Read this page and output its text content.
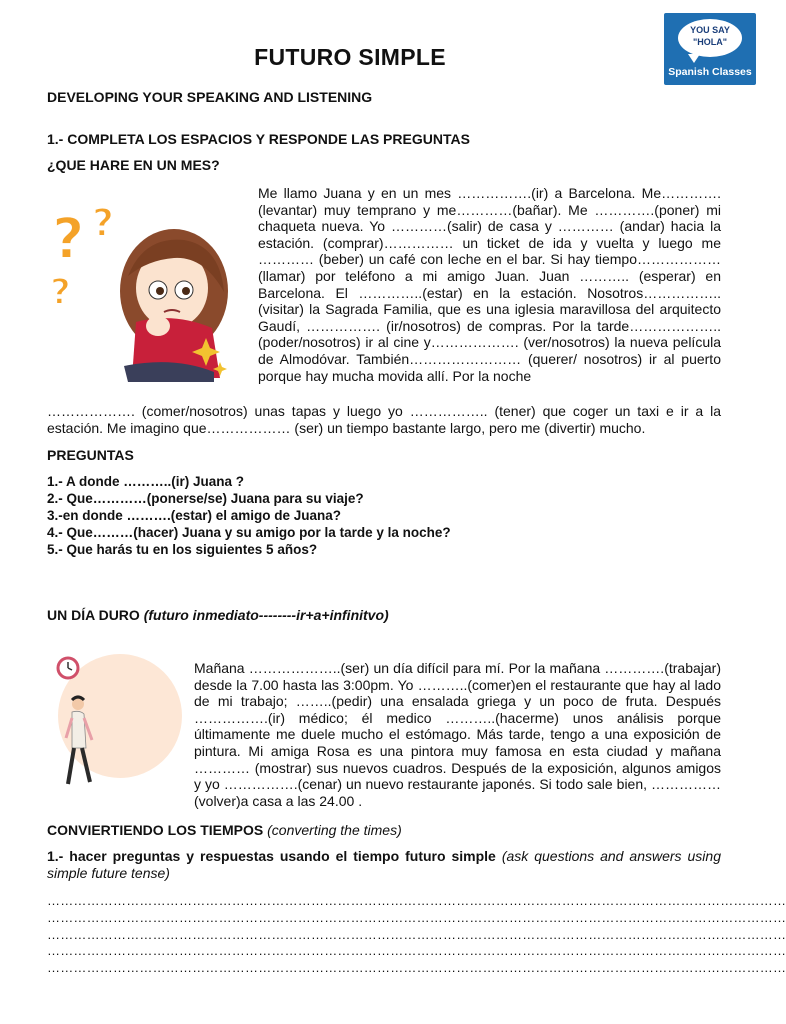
FUTURO SIMPLE
YOU SAY
"HOLA"
Spanish Classes
DEVELOPING YOUR SPEAKING AND LISTENING
1.- COMPLETA LOS ESPACIOS Y RESPONDE LAS PREGUNTAS
¿QUE HARE EN UN MES?
? ?
?
Me llamo Juana y en un mes …………….(ir) a Barcelona. Me………….(levantar) muy temprano y me…………(bañar). Me ………….(poner) mi chaqueta nueva. Yo …………(salir) de casa y ………… (andar) hacia la estación. (comprar)…………… un ticket de ida y vuelta y luego me ………… (beber) un café con leche en el bar. Si hay tiempo……………… (llamar) por teléfono a mi amigo Juan. Juan ……….. (esperar) en Barcelona. El …………..(estar) en la estación. Nosotros…………….. (visitar) la Sagrada Familia, que es una iglesia maravillosa del arquitecto Gaudí, ……………. (ir/nosotros) de compras. Por la tarde………………..(poder/nosotros) ir al cine y………………. (ver/nosotros) la nueva película de Almodóvar. También…………………… (querer/ nosotros) ir al puerto porque hay mucha movida allí. Por la noche
………………. (comer/nosotros) unas tapas y luego yo …………….. (tener) que coger un taxi e ir a la estación. Me imagino que……………… (ser) un tiempo bastante largo, pero me (divertir) mucho.
PREGUNTAS
1.- A donde ………..(ir) Juana ?
2.- Que…………(ponerse/se) Juana para su viaje?
3.-en donde ……….(estar) el amigo de Juana?
4.- Que………(hacer) Juana y su amigo por la tarde y la noche?
5.- Que harás tu en los siguientes 5 años?
UN DÍA DURO (futuro inmediato--------ir+a+infinitvo)
Mañana ………………..(ser) un día difícil para mí. Por la mañana ………….(trabajar) desde la 7.00 hasta las 3:00pm. Yo ………..(comer)en el restaurante que hay al lado de mi trabajo; ……..(pedir) una ensalada griega y un poco de fruta. Después …………….(ir) médico; él medico ………..(hacerme) unos análisis porque últimamente me duele mucho el estómago. Más tarde, tengo a una exposición de pintura. Mi amiga Rosa es una pintora muy famosa en esta ciudad y mañana ………… (mostrar) sus nuevos cuadros. Después de la exposición, algunos amigos y yo …………….(cenar) un nuevo restaurante japonés. Si todo sale bien, ……………(volver)a casa a las 24.00 .
CONVIERTIENDO LOS TIEMPOS (converting the times)
1.- hacer preguntas y respuestas usando el tiempo futuro simple (ask questions and answers using simple future tense)
……………………………………………………………………………………………………………………………………………………
……………………………………………………………………………………………………………………………………………………
……………………………………………………………………………………………………………………………………………………
……………………………………………………………………………………………………………………………………………………
……………………………………………………………………………………………………………………………………………………
